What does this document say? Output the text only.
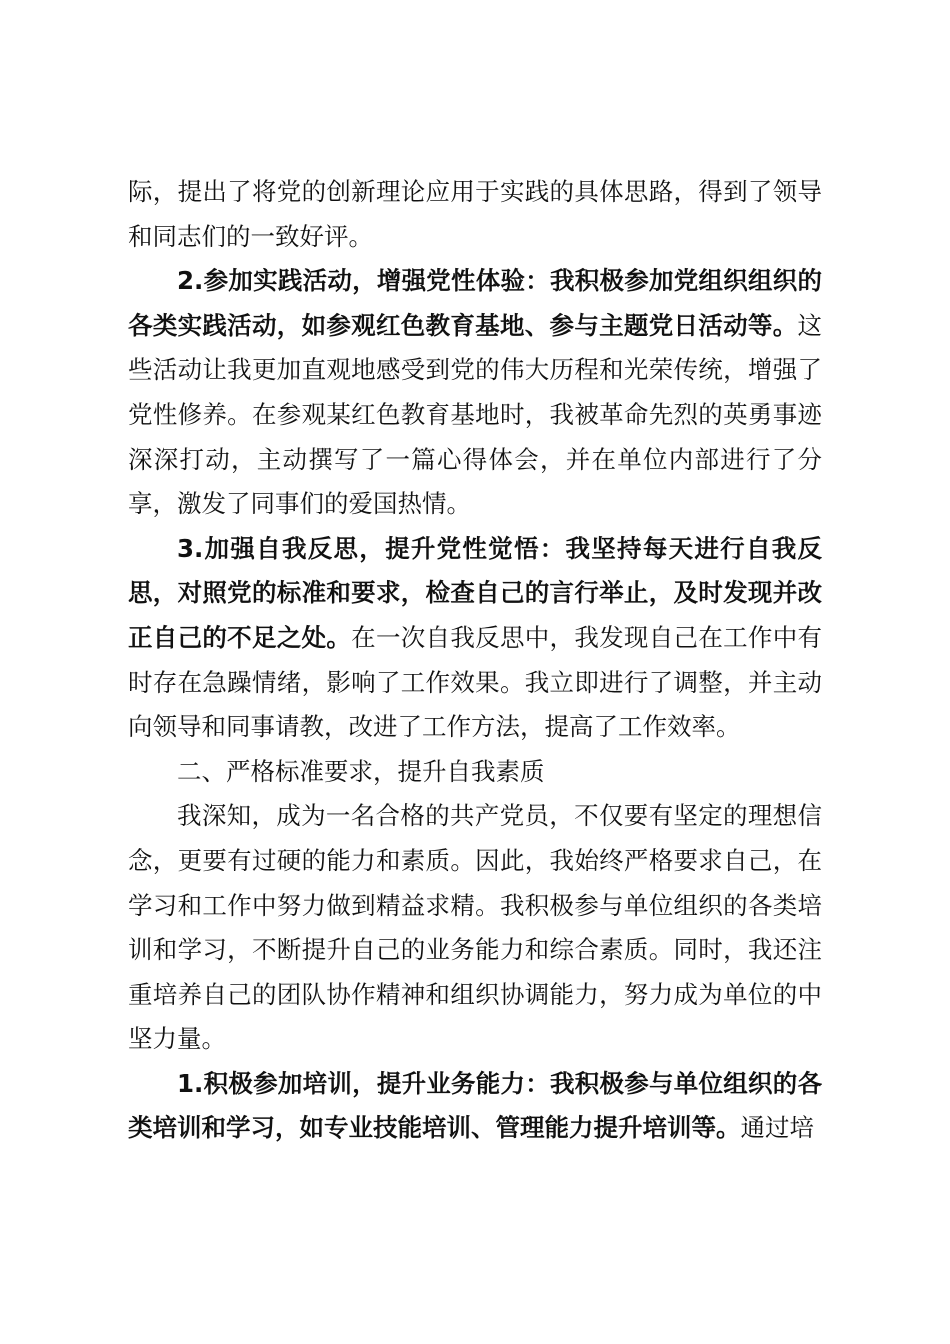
际，提出了将党的创新理论应用于实践的具体思路，得到了领导和同志们的一致好评。

2.参加实践活动，增强党性体验：我积极参加党组织组织的各类实践活动，如参观红色教育基地、参与主题党日活动等。这些活动让我更加直观地感受到党的伟大历程和光荣传统，增强了党性修养。在参观某红色教育基地时，我被革命先烈的英勇事迹深深打动，主动撰写了一篇心得体会，并在单位内部进行了分享，激发了同事们的爱国热情。

3.加强自我反思，提升党性觉悟：我坚持每天进行自我反思，对照党的标准和要求，检查自己的言行举止，及时发现并改正自己的不足之处。在一次自我反思中，我发现自己在工作中有时存在急躁情绪，影响了工作效果。我立即进行了调整，并主动向领导和同事请教，改进了工作方法，提高了工作效率。

二、严格标准要求，提升自我素质

我深知，成为一名合格的共产党员，不仅要有坚定的理想信念，更要有过硬的能力和素质。因此，我始终严格要求自己，在学习和工作中努力做到精益求精。我积极参与单位组织的各类培训和学习，不断提升自己的业务能力和综合素质。同时，我还注重培养自己的团队协作精神和组织协调能力，努力成为单位的中坚力量。

1.积极参加培训，提升业务能力：我积极参与单位组织的各类培训和学习，如专业技能培训、管理能力提升培训等。通过培
